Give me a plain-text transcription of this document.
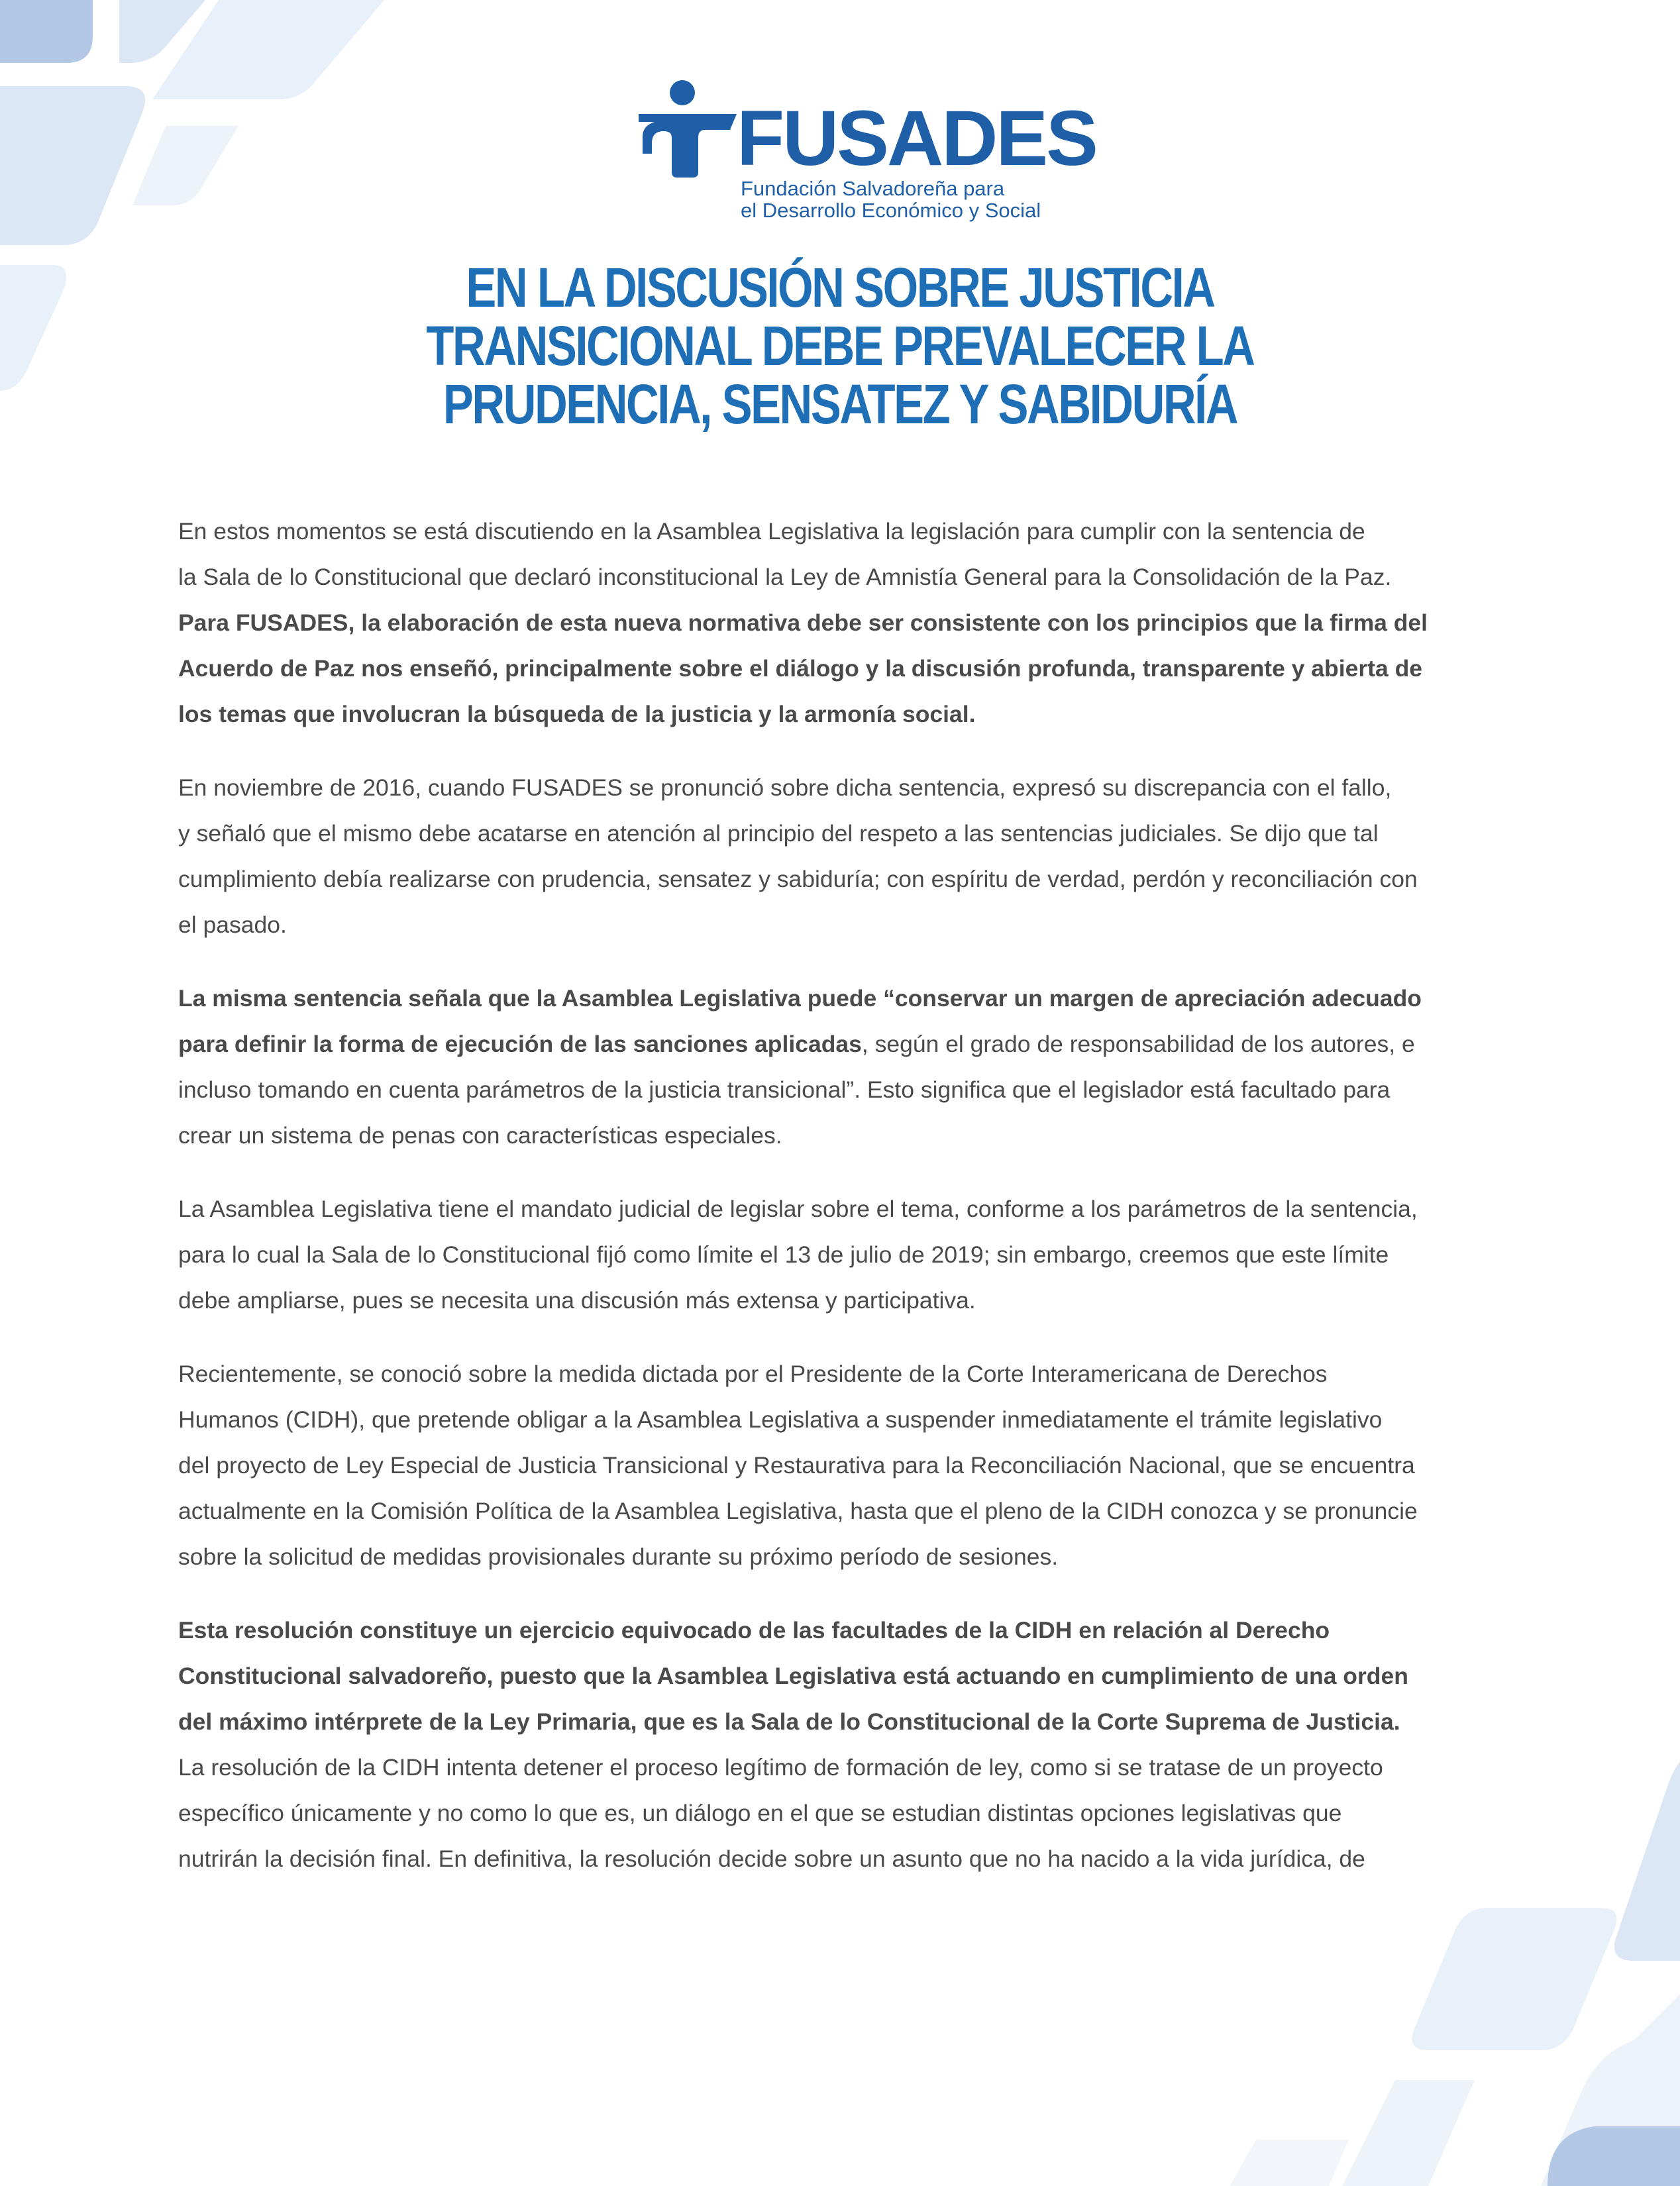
FUSADES
Fundación Salvadoreña para
el Desarrollo Económico y Social
EN LA DISCUSIÓN SOBRE JUSTICIA
TRANSICIONAL DEBE PREVALECER LA
PRUDENCIA, SENSATEZ Y SABIDURÍA

En estos momentos se está discutiendo en la Asamblea Legislativa la legislación para cumplir con la sentencia de
la Sala de lo Constitucional que declaró inconstitucional la Ley de Amnistía General para la Consolidación de la Paz.
Para FUSADES, la elaboración de esta nueva normativa debe ser consistente con los principios que la firma del
Acuerdo de Paz nos enseñó, principalmente sobre el diálogo y la discusión profunda, transparente y abierta de
los temas que involucran la búsqueda de la justicia y la armonía social.

En noviembre de 2016, cuando FUSADES se pronunció sobre dicha sentencia, expresó su discrepancia con el fallo,
y señaló que el mismo debe acatarse en atención al principio del respeto a las sentencias judiciales. Se dijo que tal
cumplimiento debía realizarse con prudencia, sensatez y sabiduría; con espíritu de verdad, perdón y reconciliación con
el pasado.

La misma sentencia señala que la Asamblea Legislativa puede “conservar un margen de apreciación adecuado
para definir la forma de ejecución de las sanciones aplicadas, según el grado de responsabilidad de los autores, e
incluso tomando en cuenta parámetros de la justicia transicional”. Esto significa que el legislador está facultado para
crear un sistema de penas con características especiales.

La Asamblea Legislativa tiene el mandato judicial de legislar sobre el tema, conforme a los parámetros de la sentencia,
para lo cual la Sala de lo Constitucional fijó como límite el 13 de julio de 2019; sin embargo, creemos que este límite
debe ampliarse, pues se necesita una discusión más extensa y participativa.

Recientemente, se conoció sobre la medida dictada por el Presidente de la Corte Interamericana de Derechos
Humanos (CIDH), que pretende obligar a la Asamblea Legislativa a suspender inmediatamente el trámite legislativo
del proyecto de Ley Especial de Justicia Transicional y Restaurativa para la Reconciliación Nacional, que se encuentra
actualmente en la Comisión Política de la Asamblea Legislativa, hasta que el pleno de la CIDH conozca y se pronuncie
sobre la solicitud de medidas provisionales durante su próximo período de sesiones.

Esta resolución constituye un ejercicio equivocado de las facultades de la CIDH en relación al Derecho
Constitucional salvadoreño, puesto que la Asamblea Legislativa está actuando en cumplimiento de una orden
del máximo intérprete de la Ley Primaria, que es la Sala de lo Constitucional de la Corte Suprema de Justicia.
La resolución de la CIDH intenta detener el proceso legítimo de formación de ley, como si se tratase de un proyecto
específico únicamente y no como lo que es, un diálogo en el que se estudian distintas opciones legislativas que
nutrirán la decisión final. En definitiva, la resolución decide sobre un asunto que no ha nacido a la vida jurídica, de
